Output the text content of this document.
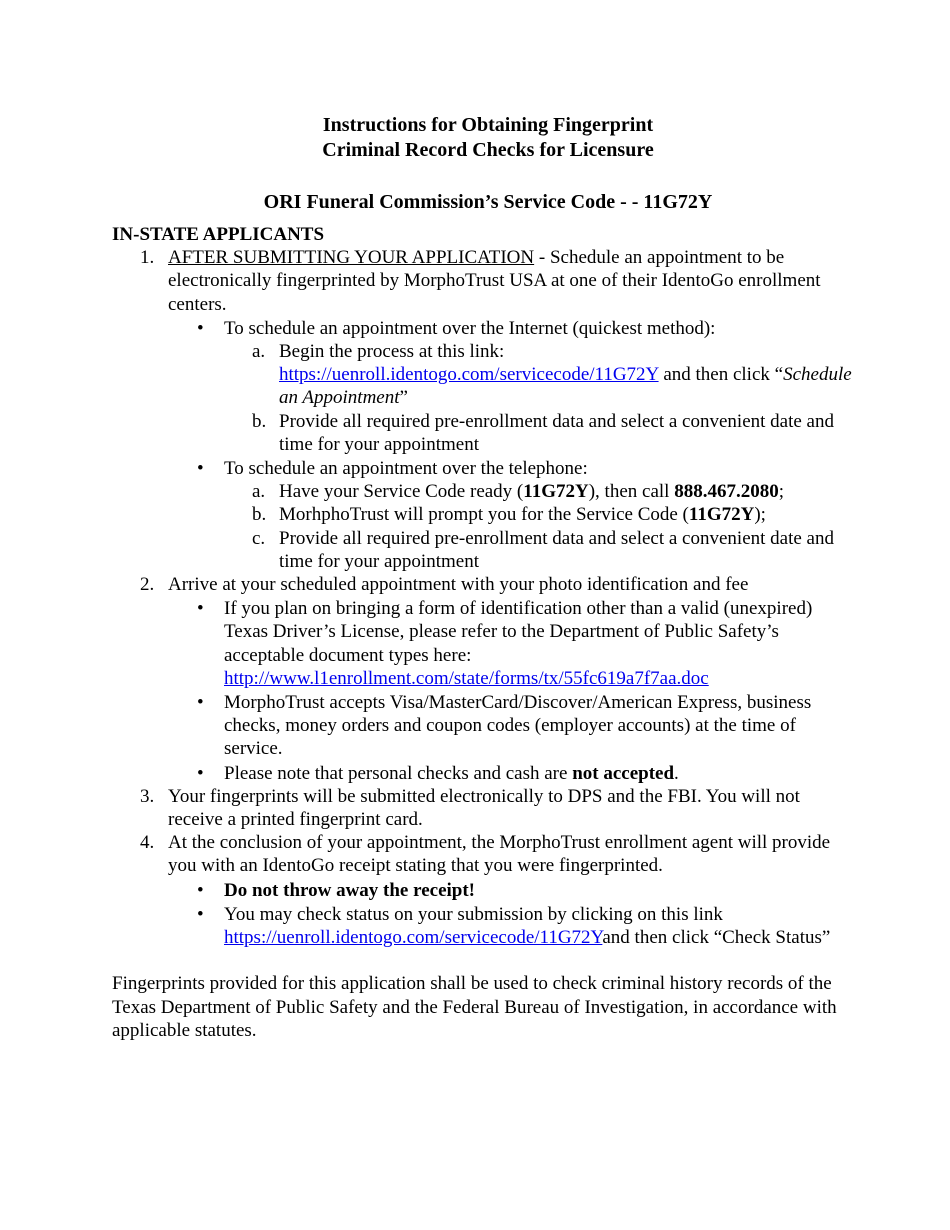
Instructions for Obtaining Fingerprint
Criminal Record Checks for Licensure
ORI Funeral Commission’s Service Code - - 11G72Y
IN-STATE APPLICANTS
1. AFTER SUBMITTING YOUR APPLICATION - Schedule an appointment to be electronically fingerprinted by MorphoTrust USA at one of their IdentoGo enrollment centers.
• To schedule an appointment over the Internet (quickest method):
a. Begin the process at this link:
https://uenroll.identogo.com/servicecode/11G72Y and then click “Schedule an Appointment”
b. Provide all required pre-enrollment data and select a convenient date and time for your appointment
• To schedule an appointment over the telephone:
a. Have your Service Code ready (11G72Y), then call 888.467.2080;
b. MorhphoTrust will prompt you for the Service Code (11G72Y);
c. Provide all required pre-enrollment data and select a convenient date and time for your appointment
2. Arrive at your scheduled appointment with your photo identification and fee
• If you plan on bringing a form of identification other than a valid (unexpired) Texas Driver’s License, please refer to the Department of Public Safety’s acceptable document types here:
http://www.l1enrollment.com/state/forms/tx/55fc619a7f7aa.doc
• MorphoTrust accepts Visa/MasterCard/Discover/American Express, business checks, money orders and coupon codes (employer accounts) at the time of service.
• Please note that personal checks and cash are not accepted.
3. Your fingerprints will be submitted electronically to DPS and the FBI. You will not receive a printed fingerprint card.
4. At the conclusion of your appointment, the MorphoTrust enrollment agent will provide you with an IdentoGo receipt stating that you were fingerprinted.
• Do not throw away the receipt!
• You may check status on your submission by clicking on this link
https://uenroll.identogo.com/servicecode/11G72Yand then click “Check Status”
Fingerprints provided for this application shall be used to check criminal history records of the Texas Department of Public Safety and the Federal Bureau of Investigation, in accordance with applicable statutes.
